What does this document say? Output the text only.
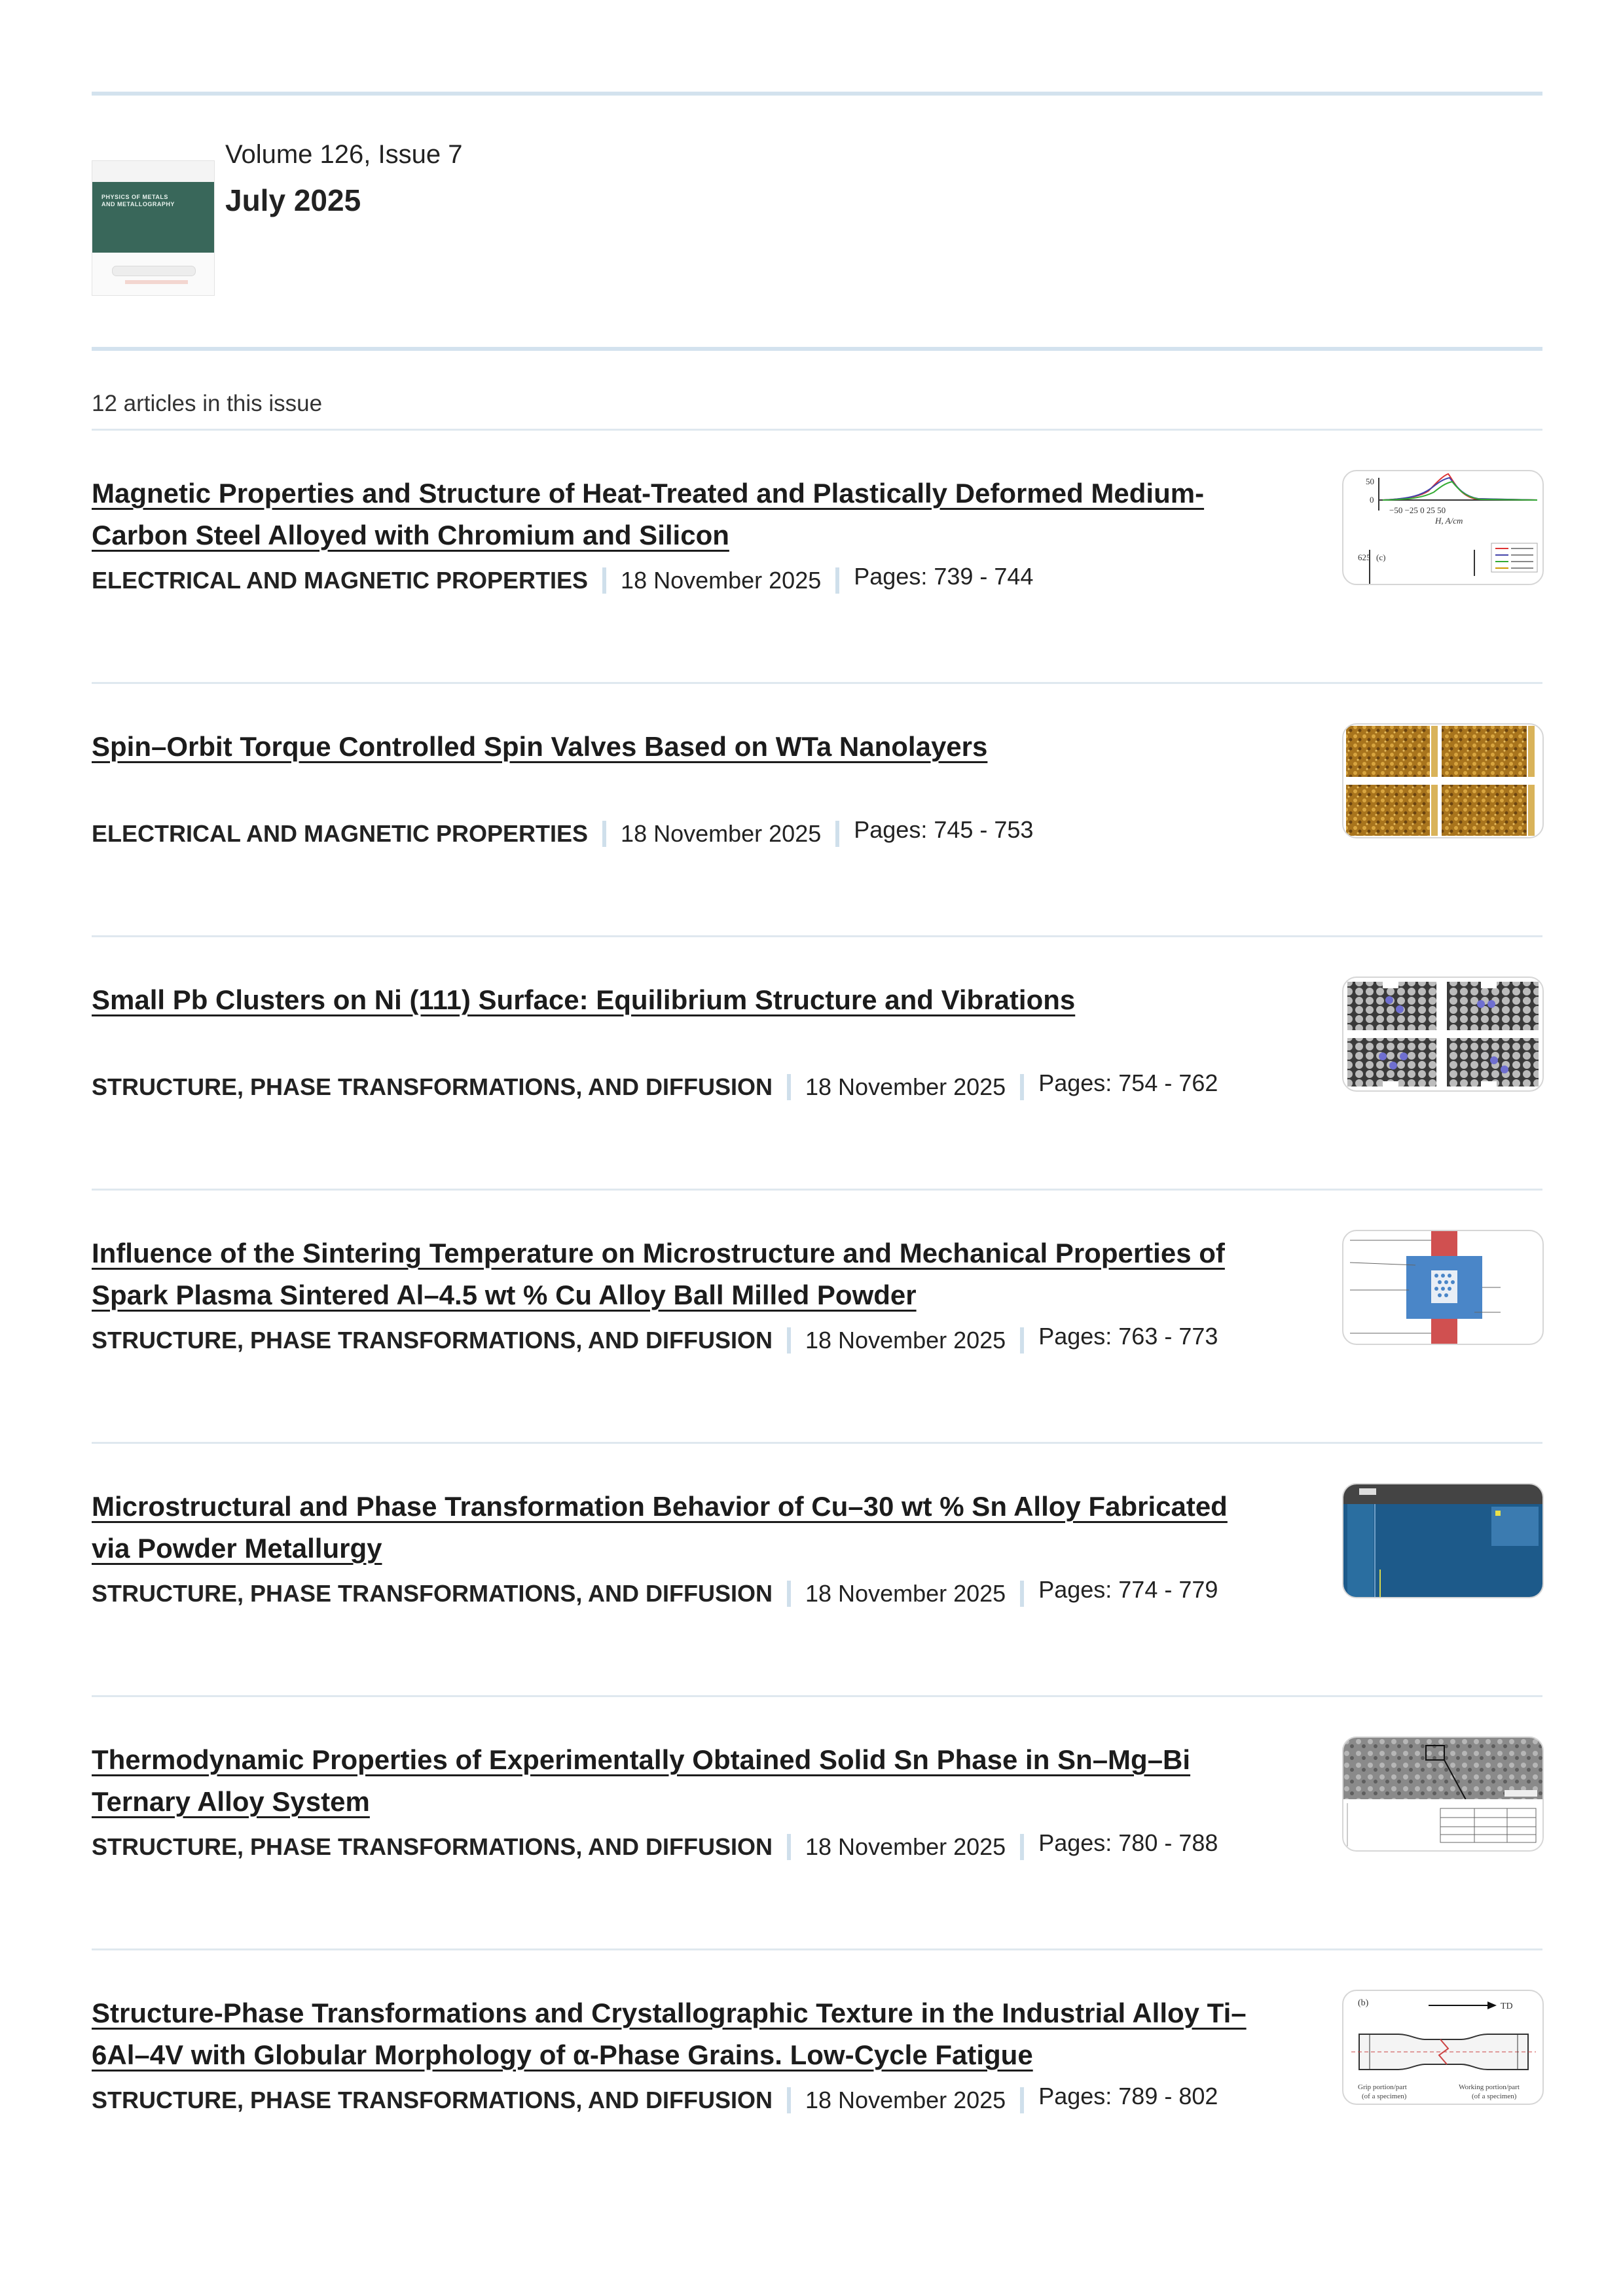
PHYSICS OF METALS AND METALLOGRAPHY
Volume 126, Issue 7
July 2025
12 articles in this issue
Magnetic Properties and Structure of Heat-Treated and Plastically Deformed Medium-Carbon Steel Alloyed with Chromium and Silicon
ELECTRICAL AND MAGNETIC PROPERTIES 18 November 2025 Pages: 739 - 744
50
0
−50 −25 0 25 50
H, A/cm
625 (c)
Spin–Orbit Torque Controlled Spin Valves Based on WTa Nanolayers
ELECTRICAL AND MAGNETIC PROPERTIES 18 November 2025 Pages: 745 - 753
Small Pb Clusters on Ni (111) Surface: Equilibrium Structure and Vibrations
STRUCTURE, PHASE TRANSFORMATIONS, AND DIFFUSION 18 November 2025 Pages: 754 - 762
Influence of the Sintering Temperature on Microstructure and Mechanical Properties of Spark Plasma Sintered Al–4.5 wt % Cu Alloy Ball Milled Powder
STRUCTURE, PHASE TRANSFORMATIONS, AND DIFFUSION 18 November 2025 Pages: 763 - 773
Microstructural and Phase Transformation Behavior of Cu–30 wt % Sn Alloy Fabricated via Powder Metallurgy
STRUCTURE, PHASE TRANSFORMATIONS, AND DIFFUSION 18 November 2025 Pages: 774 - 779
Thermodynamic Properties of Experimentally Obtained Solid Sn Phase in Sn–Mg–Bi Ternary Alloy System
STRUCTURE, PHASE TRANSFORMATIONS, AND DIFFUSION 18 November 2025 Pages: 780 - 788
Structure-Phase Transformations and Crystallographic Texture in the Industrial Alloy Ti–6Al–4V with Globular Morphology of α-Phase Grains. Low-Cycle Fatigue
STRUCTURE, PHASE TRANSFORMATIONS, AND DIFFUSION 18 November 2025 Pages: 789 - 802
(b)	TD
Grip portion/part
(of a specimen)
Working portion/part
(of a specimen)
